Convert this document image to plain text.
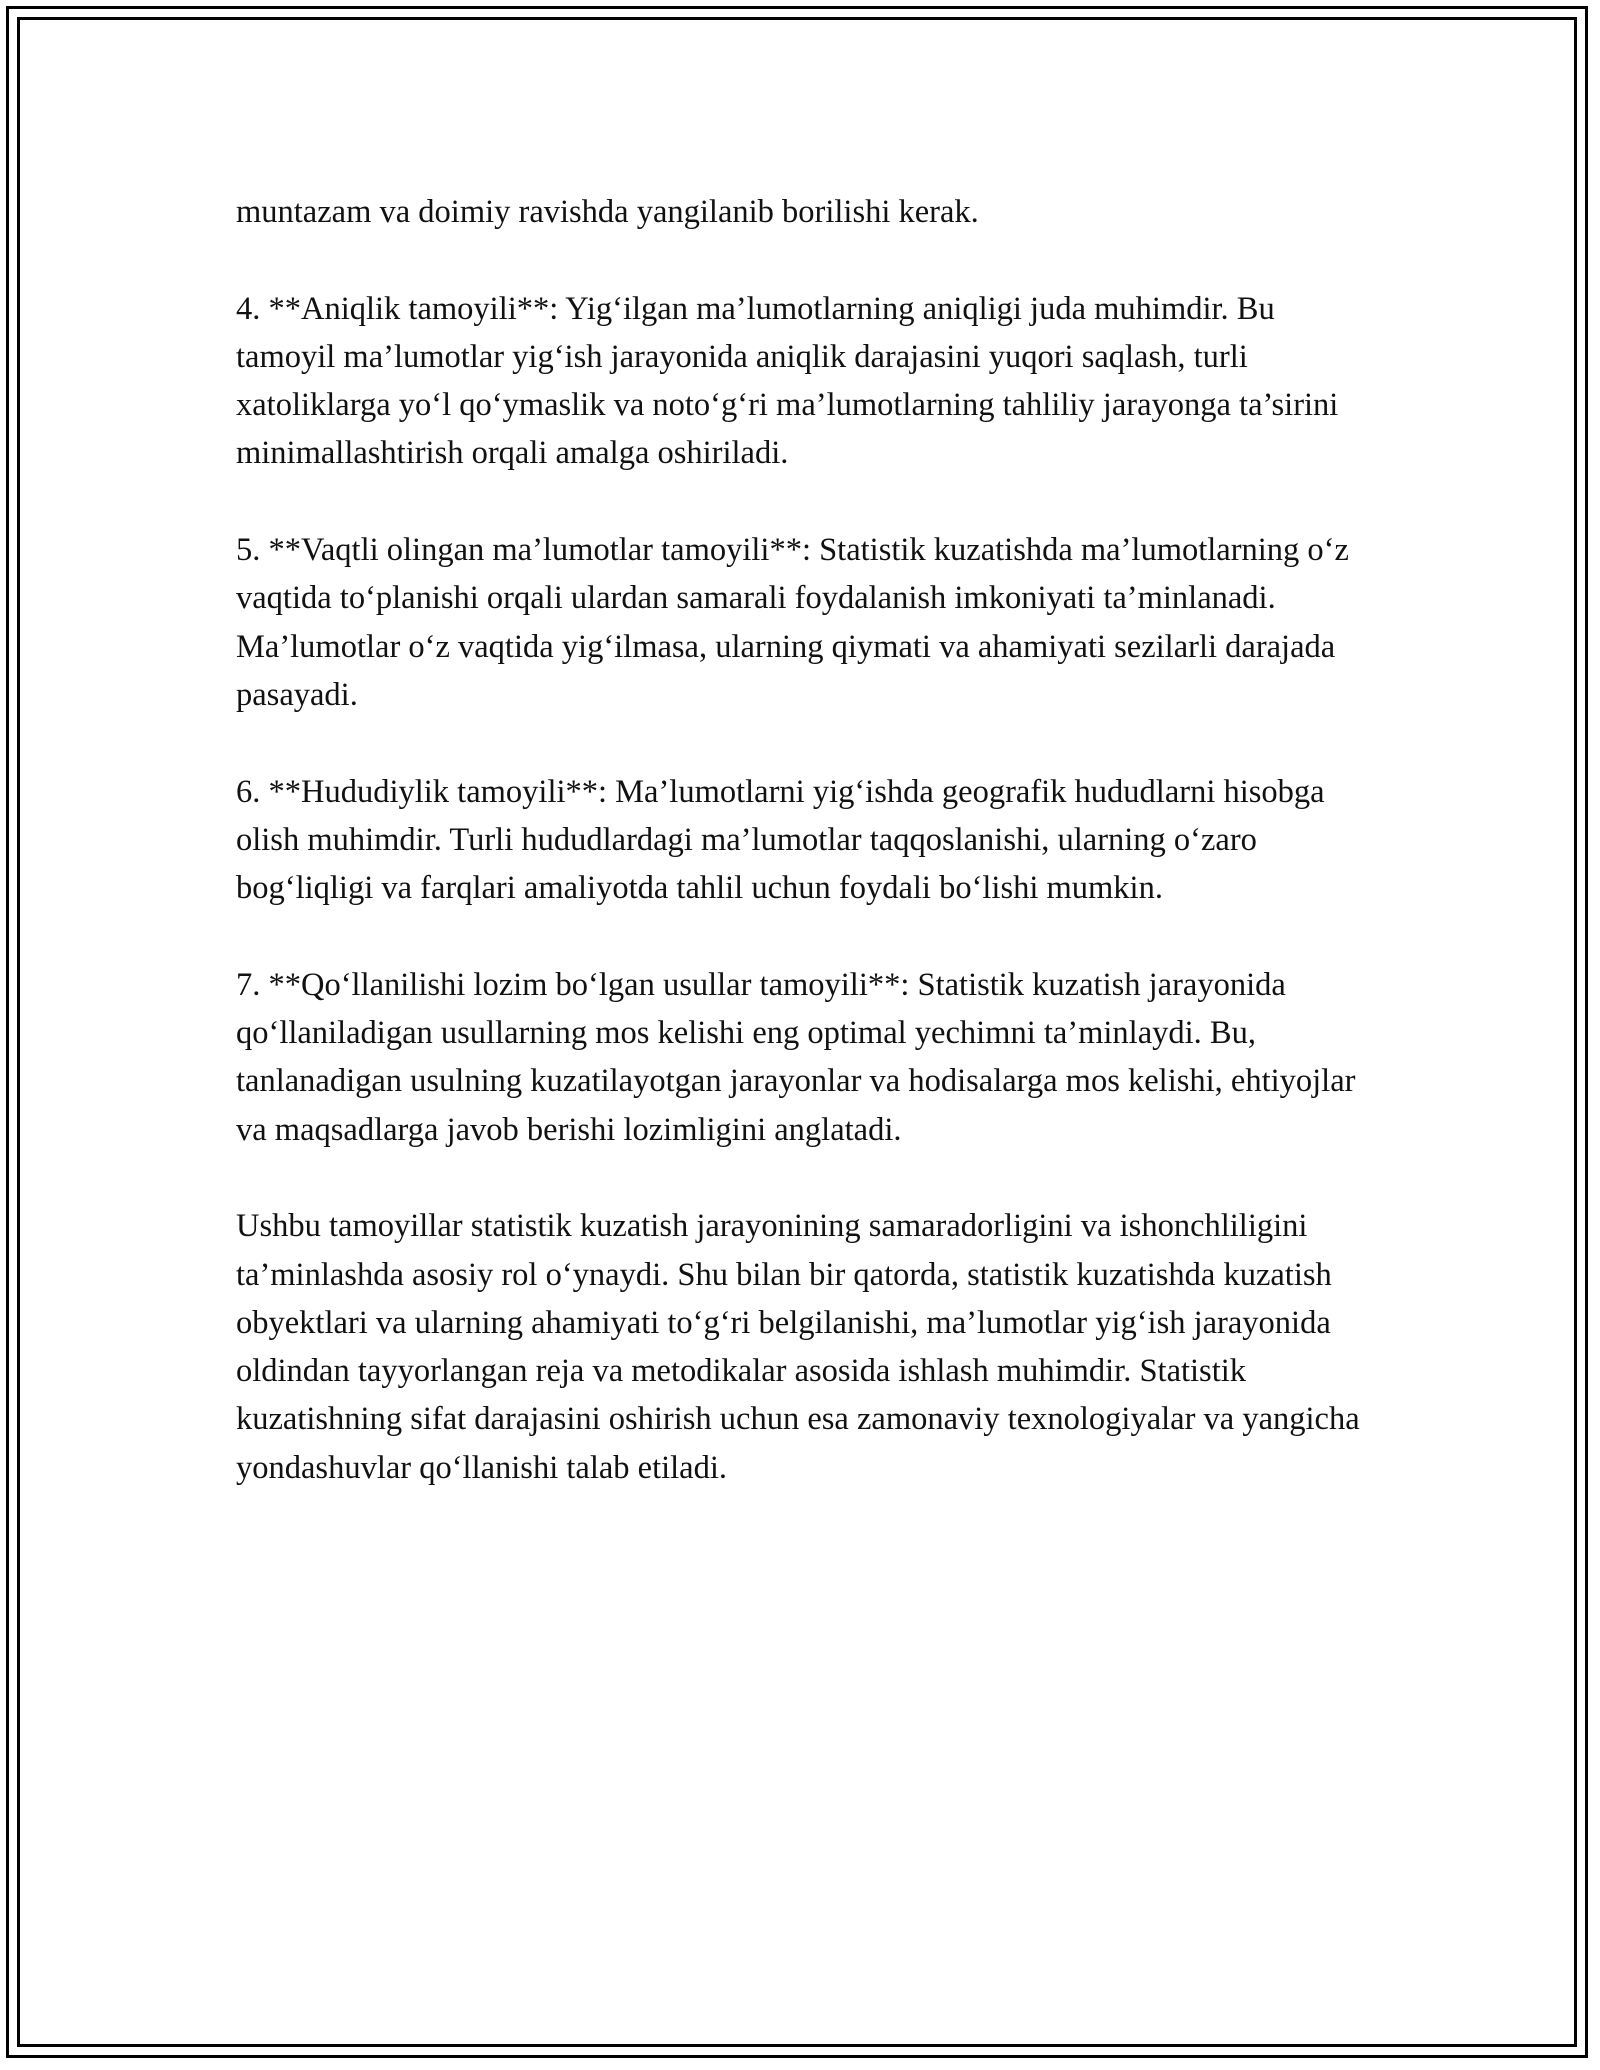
muntazam va doimiy ravishda yangilanib borilishi kerak.

4. **Aniqlik tamoyili**: Yig‘ilgan ma’lumotlarning aniqligi juda muhimdir. Bu tamoyil ma’lumotlar yig‘ish jarayonida aniqlik darajasini yuqori saqlash, turli xatoliklarga yo‘l qo‘ymaslik va noto‘g‘ri ma’lumotlarning tahliliy jarayonga ta’sirini minimallashtirish orqali amalga oshiriladi.

5. **Vaqtli olingan ma’lumotlar tamoyili**: Statistik kuzatishda ma’lumotlarning o‘z vaqtida to‘planishi orqali ulardan samarali foydalanish imkoniyati ta’minlanadi. Ma’lumotlar o‘z vaqtida yig‘ilmasa, ularning qiymati va ahamiyati sezilarli darajada pasayadi.

6. **Hududiylik tamoyili**: Ma’lumotlarni yig‘ishda geografik hududlarni hisobga olish muhimdir. Turli hududlardagi ma’lumotlar taqqoslanishi, ularning o‘zaro bog‘liqligi va farqlari amaliyotda tahlil uchun foydali bo‘lishi mumkin.

7. **Qo‘llanilishi lozim bo‘lgan usullar tamoyili**: Statistik kuzatish jarayonida qo‘llaniladigan usullarning mos kelishi eng optimal yechimni ta’minlaydi. Bu, tanlanadigan usulning kuzatilayotgan jarayonlar va hodisalarga mos kelishi, ehtiyojlar va maqsadlarga javob berishi lozimligini anglatadi.

Ushbu tamoyillar statistik kuzatish jarayonining samaradorligini va ishonchliligini ta’minlashda asosiy rol o‘ynaydi. Shu bilan bir qatorda, statistik kuzatishda kuzatish obyektlari va ularning ahamiyati to‘g‘ri belgilanishi, ma’lumotlar yig‘ish jarayonida oldindan tayyorlangan reja va metodikalar asosida ishlash muhimdir. Statistik kuzatishning sifat darajasini oshirish uchun esa zamonaviy texnologiyalar va yangicha yondashuvlar qo‘llanishi talab etiladi.
